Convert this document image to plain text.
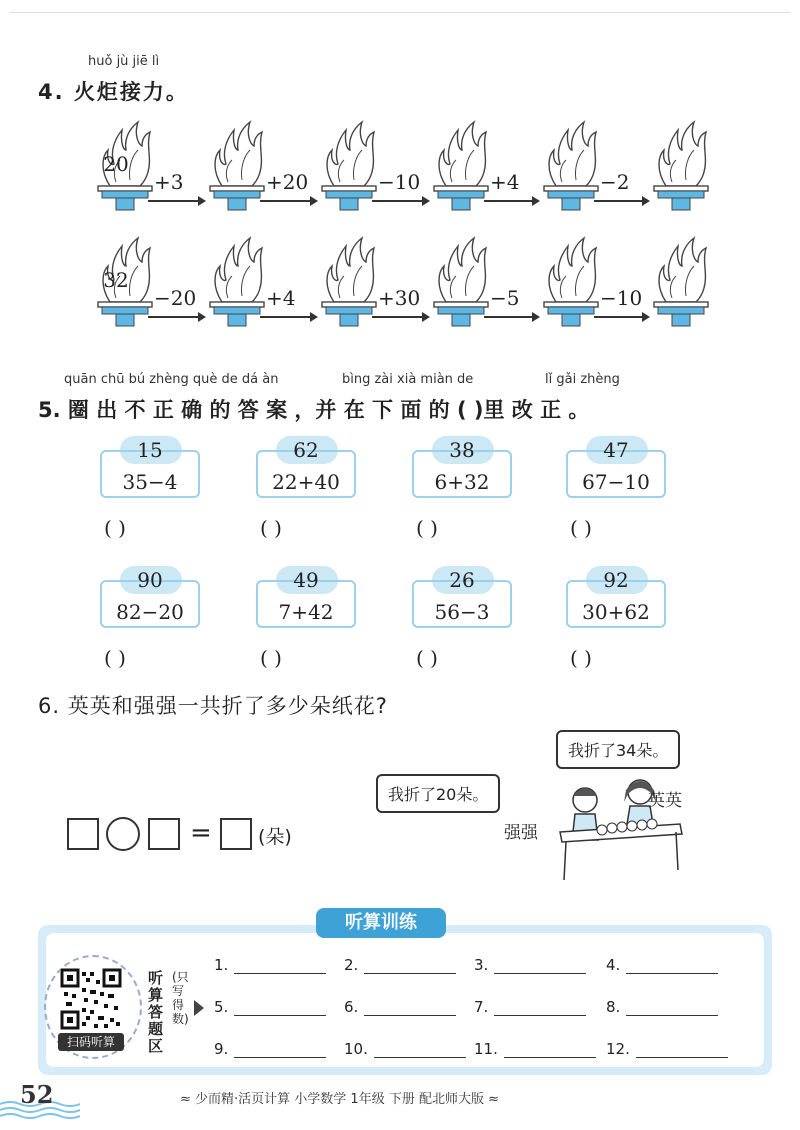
huǒ jù jiē lì
4. 火炬接力。
20
+3	+20	−10	+4	−2
32
−20	+4	+30	−5	−10
quān chū bú zhèng què de dá àn	bìng zài xià miàn de	lǐ gǎi zhèng
5. 圈 出 不 正 确 的 答 案 ，并 在 下 面 的 ( )里 改 正 。
15
35−4
( )
62
22+40
( )
38
6+32
( )
47
67−10
( )
90
82−20
( )
49
7+42
( )
26
56−3
( )
92
30+62
( )
6. 英英和强强一共折了多少朵纸花?
我折了34朵。
我折了20朵。	英英
强强
= (朵)
听算训练
扫码听算
听算答题区
(只写得数)
1.	2.	3.	4.
5.	6.	7.	8.
9.	10.	11.	12.
52	≈ 少而精·活页计算 小学数学 1年级 下册 配北师大版 ≈
